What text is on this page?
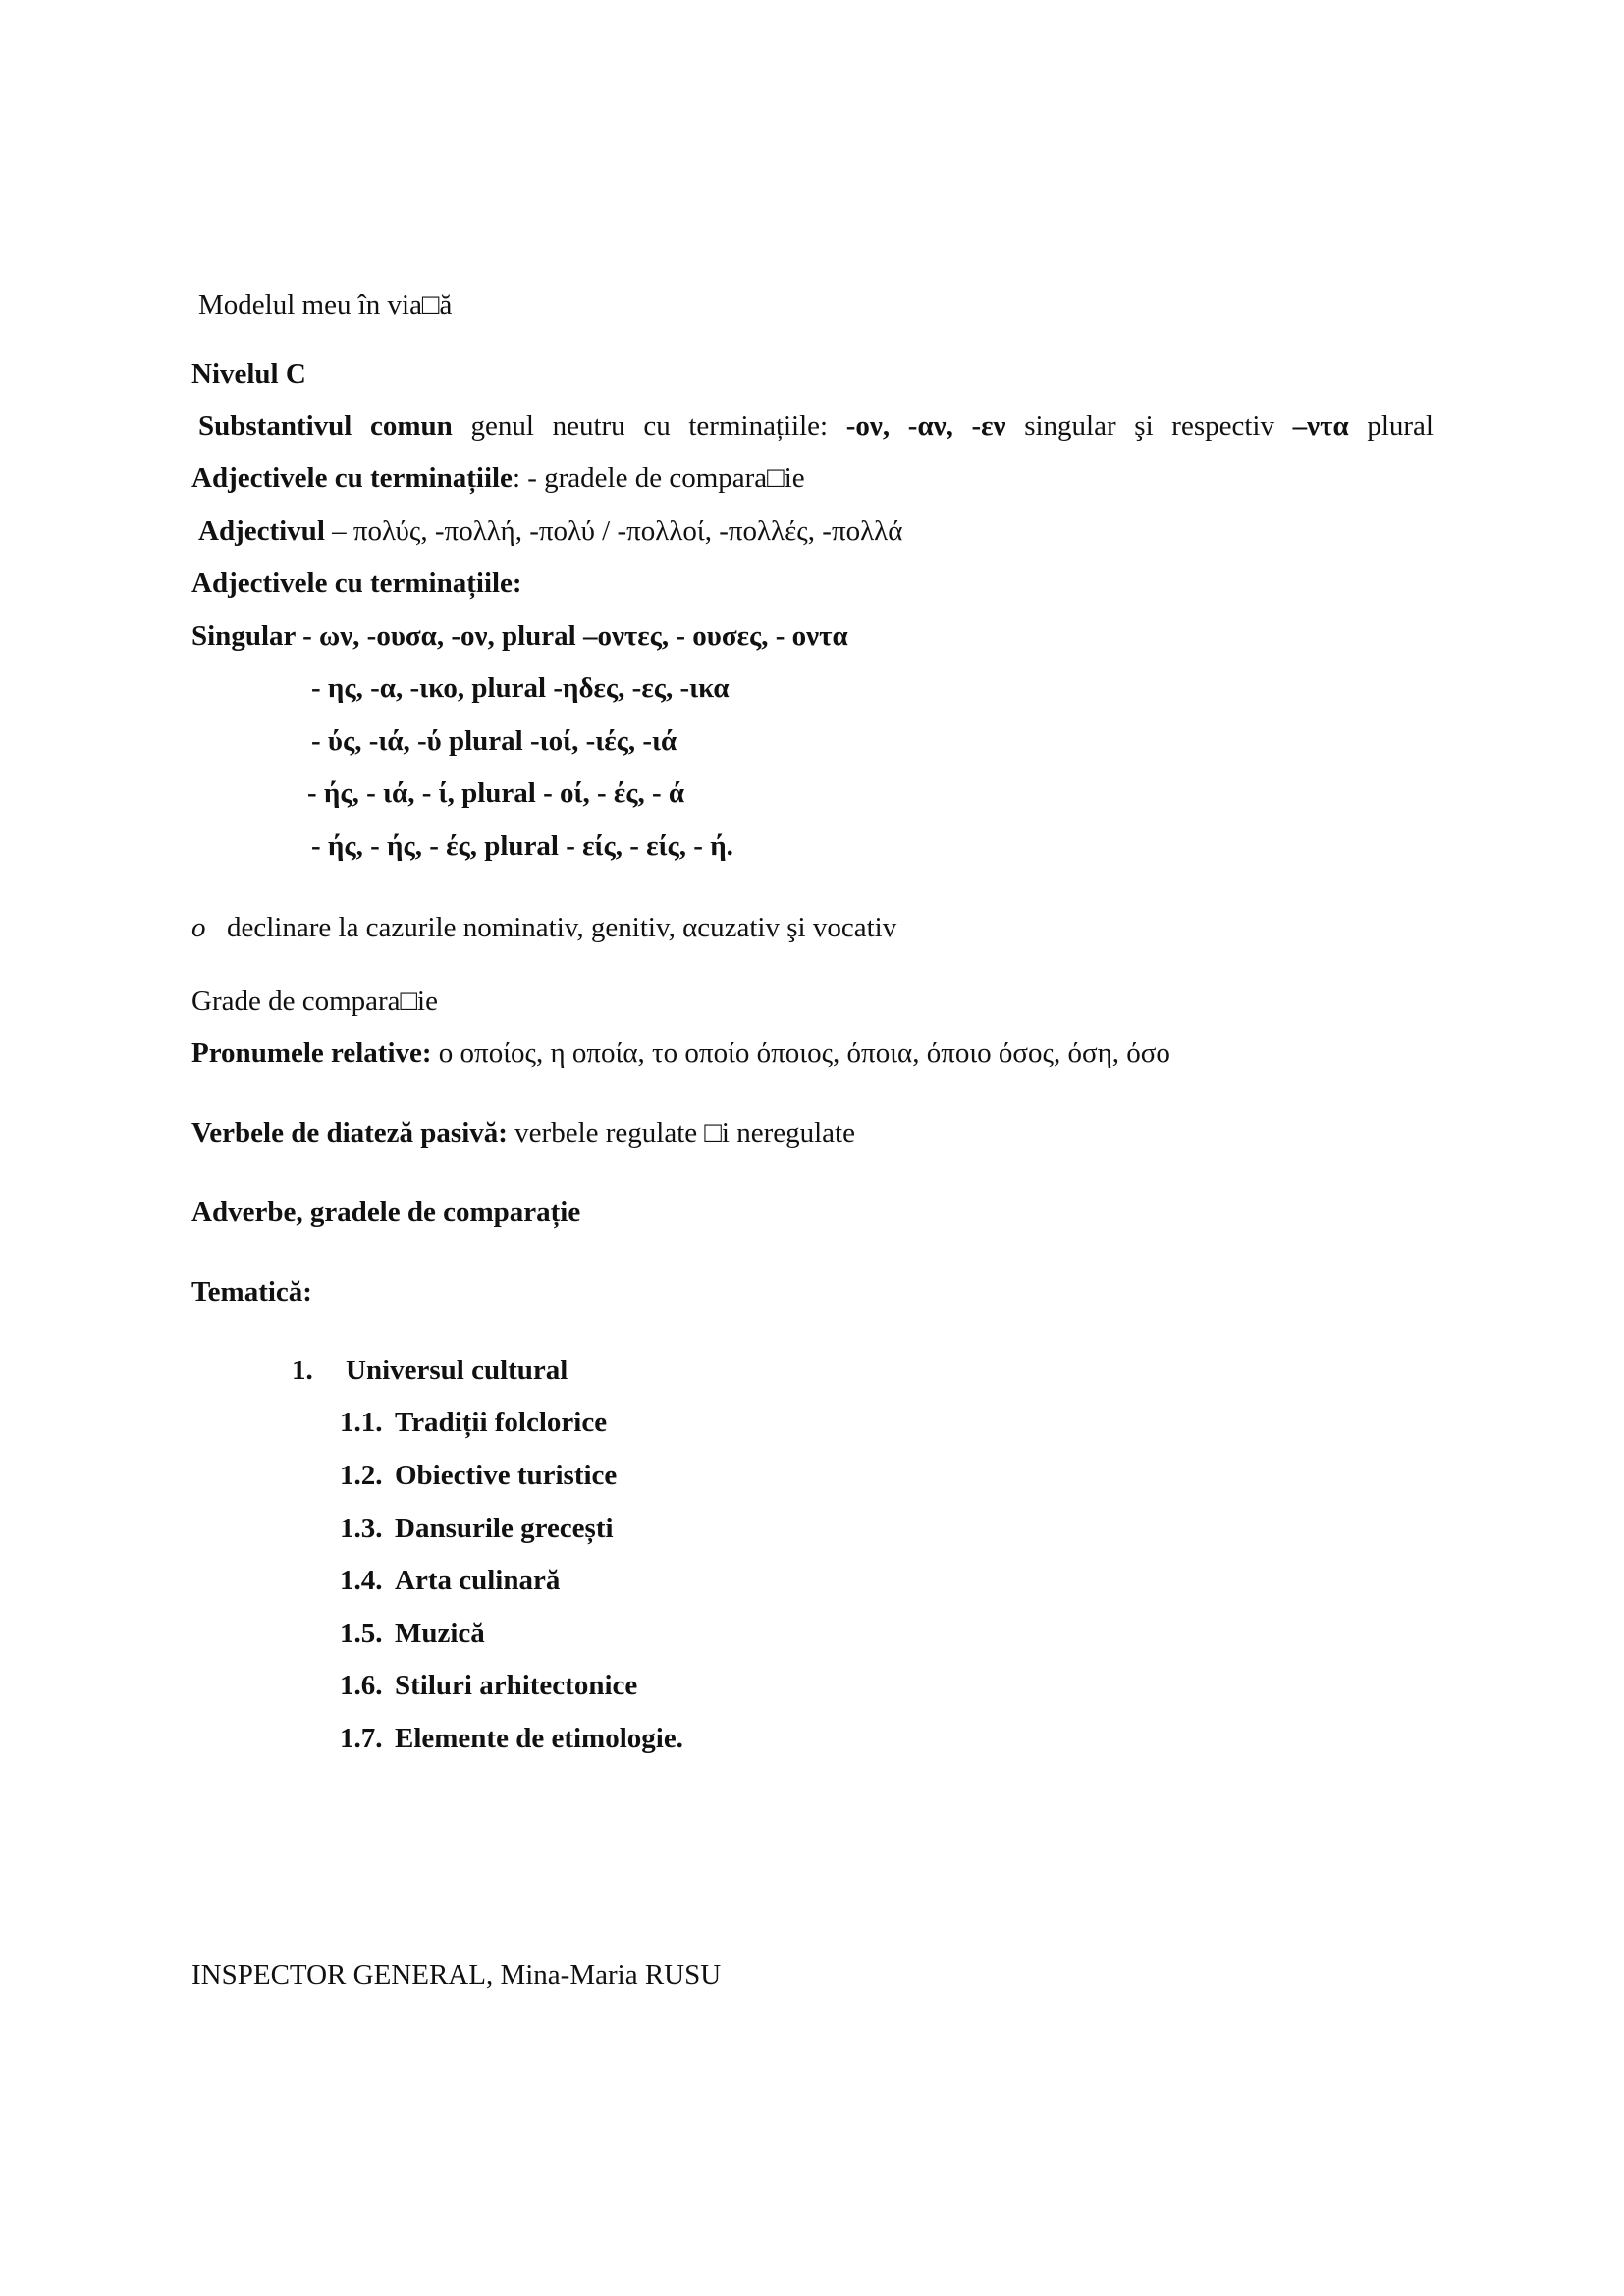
Modelul meu în via□ă
Nivelul C
Substantivul comun genul neutru cu terminațiile: -ον, -αν, -εν singular şi respectiv –ντα plural
Adjectivele cu terminațiile: - gradele de compara□ie
Adjectivul – πολύς, -πολλή, -πολύ / -πολλοί, -πολλές, -πολλά
Adjectivele cu terminațiile:
Singular - ων, -ουσα, -ον, plural –οντες, - ουσες, - οντα
- ης, -α, -ικο, plural -ηδες, -ες, -ικα
- ύς, -ιά, -ύ plural -ιοί, -ιές, -ιά
- ής, - ιά, - ί, plural - οί, - ές, - ά
- ής, - ής, - ές, plural - είς, - είς, - ή.
o declinare la cazurile nominativ, genitiv, αcuzativ şi vocativ
Grade de compara□ie
Pronumele relative: ο οποίος, η οποία, το οποίο όποιος, όποια, όποιο όσος, όση, όσο
Verbele de diateză pasivă: verbele regulate □i neregulate
Adverbe, gradele de comparație
Tematică:
1. Universul cultural
1.1. Tradiții folclorice
1.2. Obiective turistice
1.3. Dansurile grecești
1.4. Arta culinară
1.5. Muzică
1.6. Stiluri arhitectonice
1.7. Elemente de etimologie.
INSPECTOR GENERAL, Mina-Maria RUSU
